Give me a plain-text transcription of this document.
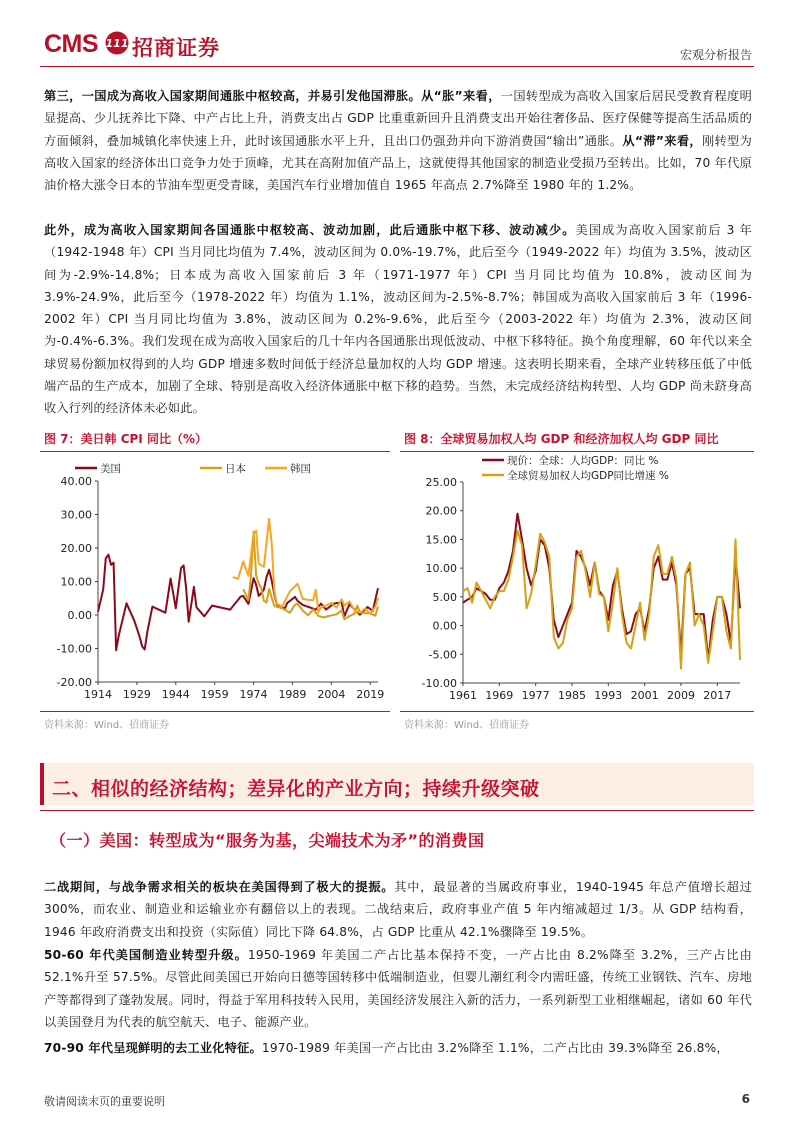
CMS 111 招商证券	宏观分析报告
第三，一国成为高收入国家期间通胀中枢较高，并易引发他国滞胀。从“胀”来看，一国转型成为高收入国家后居民受教育程度明显提高、少儿抚养比下降、中产占比上升，消费支出占 GDP 比重重新回升且消费支出开始往奢侈品、医疗保健等提高生活品质的方面倾斜，叠加城镇化率快速上升，此时该国通胀水平上升，且出口仍强劲并向下游消费国“输出”通胀。从“滞”来看，刚转型为高收入国家的经济体出口竞争力处于顶峰，尤其在高附加值产品上，这就使得其他国家的制造业受损乃至转出。比如，70 年代原油价格大涨令日本的节油车型更受青睐，美国汽车行业增加值自 1965 年高点 2.7%降至 1980 年的 1.2%。
此外，成为高收入国家期间各国通胀中枢较高、波动加剧，此后通胀中枢下移、波动减少。美国成为高收入国家前后 3 年（1942-1948 年）CPI 当月同比均值为 7.4%，波动区间为 0.0%-19.7%，此后至今（1949-2022 年）均值为 3.5%，波动区间为-2.9%-14.8%；日本成为高收入国家前后 3 年（1971-1977 年）CPI 当月同比均值为 10.8%，波动区间为 3.9%-24.9%，此后至今（1978-2022 年）均值为 1.1%，波动区间为-2.5%-8.7%；韩国成为高收入国家前后 3 年（1996-2002 年）CPI 当月同比均值为 3.8%，波动区间为 0.2%-9.6%，此后至今（2003-2022 年）均值为 2.3%，波动区间为-0.4%-6.3%。我们发现在成为高收入国家后的几十年内各国通胀出现低波动、中枢下移特征。换个角度理解，60 年代以来全球贸易份额加权得到的人均 GDP 增速多数时间低于经济总量加权的人均 GDP 增速。这表明长期来看，全球产业转移压低了中低端产品的生产成本，加剧了全球、特别是高收入经济体通胀中枢下移的趋势。当然，未完成经济结构转型、人均 GDP 尚未跻身高收入行列的经济体未必如此。
图 7：美日韩 CPI 同比（%）
40.00
30.00
20.00
10.00
0.00
-10.00
-20.00
1914 1929 1944 1959 1974 1989 2004 2019
美国	日本	韩国
资料来源：Wind、招商证券
图 8：全球贸易加权人均 GDP 和经济加权人均 GDP 同比
25.00
20.00
15.00
10.00
5.00
0.00
-5.00
-10.00
1961 1969 1977 1985 1993 2001 2009 2017
现价：全球：人均GDP：同比 %
全球贸易加权人均GDP同比增速 %
资料来源：Wind、招商证券
二、相似的经济结构；差异化的产业方向；持续升级突破
（一）美国：转型成为“服务为基，尖端技术为矛”的消费国
二战期间，与战争需求相关的板块在美国得到了极大的提振。其中，最显著的当属政府事业，1940-1945 年总产值增长超过 300%，而农业、制造业和运输业亦有翻倍以上的表现。二战结束后，政府事业产值 5 年内缩减超过 1/3。从 GDP 结构看，1946 年政府消费支出和投资（实际值）同比下降 64.8%，占 GDP 比重从 42.1%骤降至 19.5%。
50-60 年代美国制造业转型升级。1950-1969 年美国二产占比基本保持不变，一产占比由 8.2%降至 3.2%，三产占比由 52.1%升至 57.5%。尽管此间美国已开始向日德等国转移中低端制造业，但婴儿潮红利令内需旺盛，传统工业钢铁、汽车、房地产等都得到了蓬勃发展。同时，得益于军用科技转入民用，美国经济发展注入新的活力，一系列新型工业相继崛起，诸如 60 年代以美国登月为代表的航空航天、电子、能源产业。
70-90 年代呈现鲜明的去工业化特征。1970-1989 年美国一产占比由 3.2%降至 1.1%，二产占比由 39.3%降至 26.8%，
敬请阅读末页的重要说明	6
